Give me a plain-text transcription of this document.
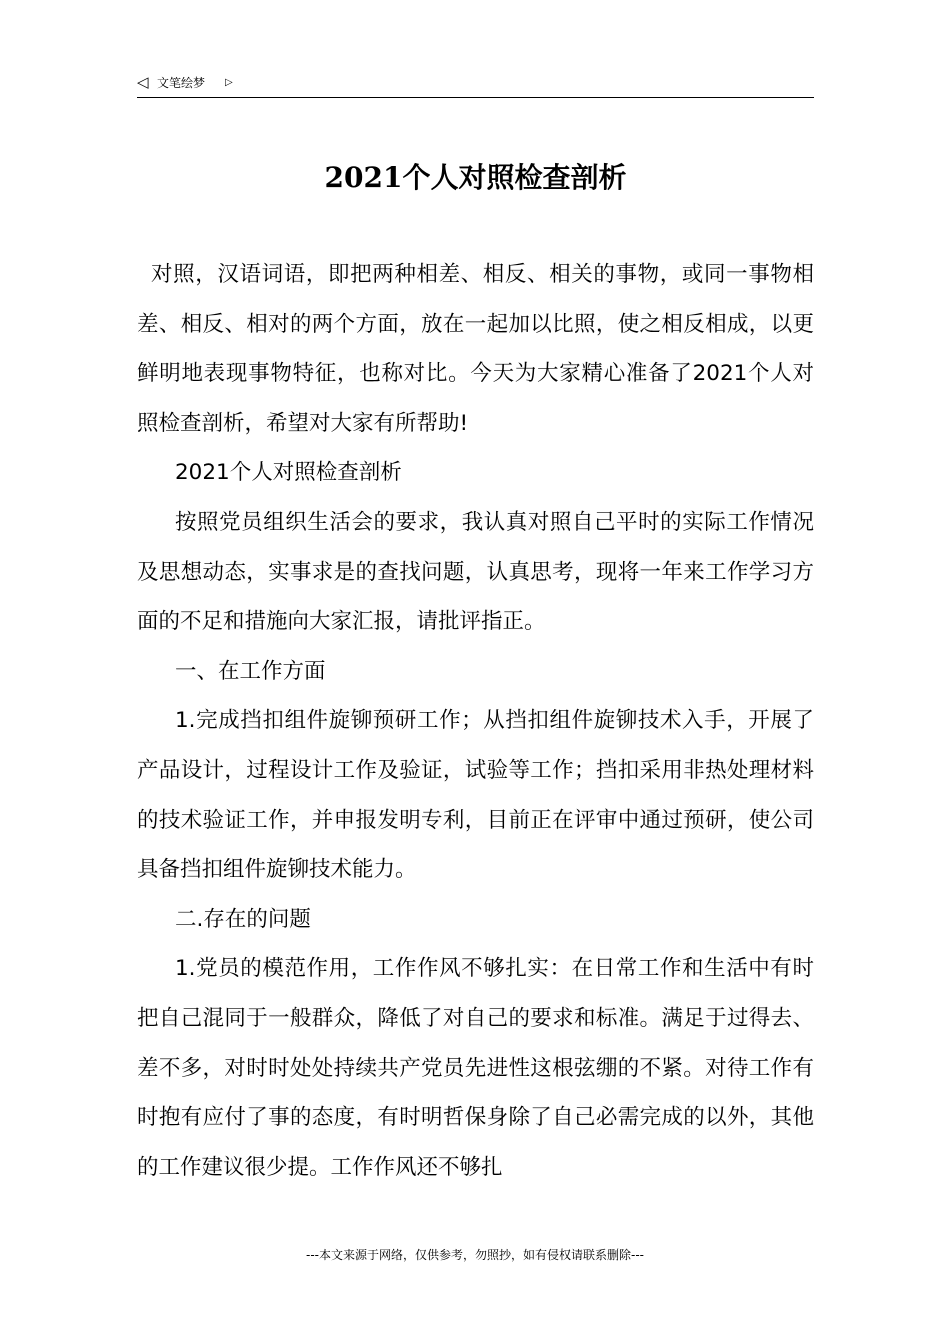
◁ 文笔绘梦 ▷
2021个人对照检查剖析

对照，汉语词语，即把两种相差、相反、相关的事物，或同一事物相差、相反、相对的两个方面，放在一起加以比照，使之相反相成，以更鲜明地表现事物特征，也称对比。今天为大家精心准备了2021个人对照检查剖析，希望对大家有所帮助!

2021个人对照检查剖析

按照党员组织生活会的要求，我认真对照自己平时的实际工作情况及思想动态，实事求是的查找问题，认真思考，现将一年来工作学习方面的不足和措施向大家汇报，请批评指正。

一、在工作方面

1.完成挡扣组件旋铆预研工作；从挡扣组件旋铆技术入手，开展了产品设计，过程设计工作及验证，试验等工作；挡扣采用非热处理材料的技术验证工作，并申报发明专利，目前正在评审中通过预研，使公司具备挡扣组件旋铆技术能力。

二.存在的问题

1.党员的模范作用，工作作风不够扎实：在日常工作和生活中有时把自己混同于一般群众，降低了对自己的要求和标准。满足于过得去、差不多，对时时处处持续共产党员先进性这根弦绷的不紧。对待工作有时抱有应付了事的态度，有时明哲保身除了自己必需完成的以外，其他的工作建议很少提。工作作风还不够扎

---本文来源于网络，仅供参考，勿照抄，如有侵权请联系删除---
